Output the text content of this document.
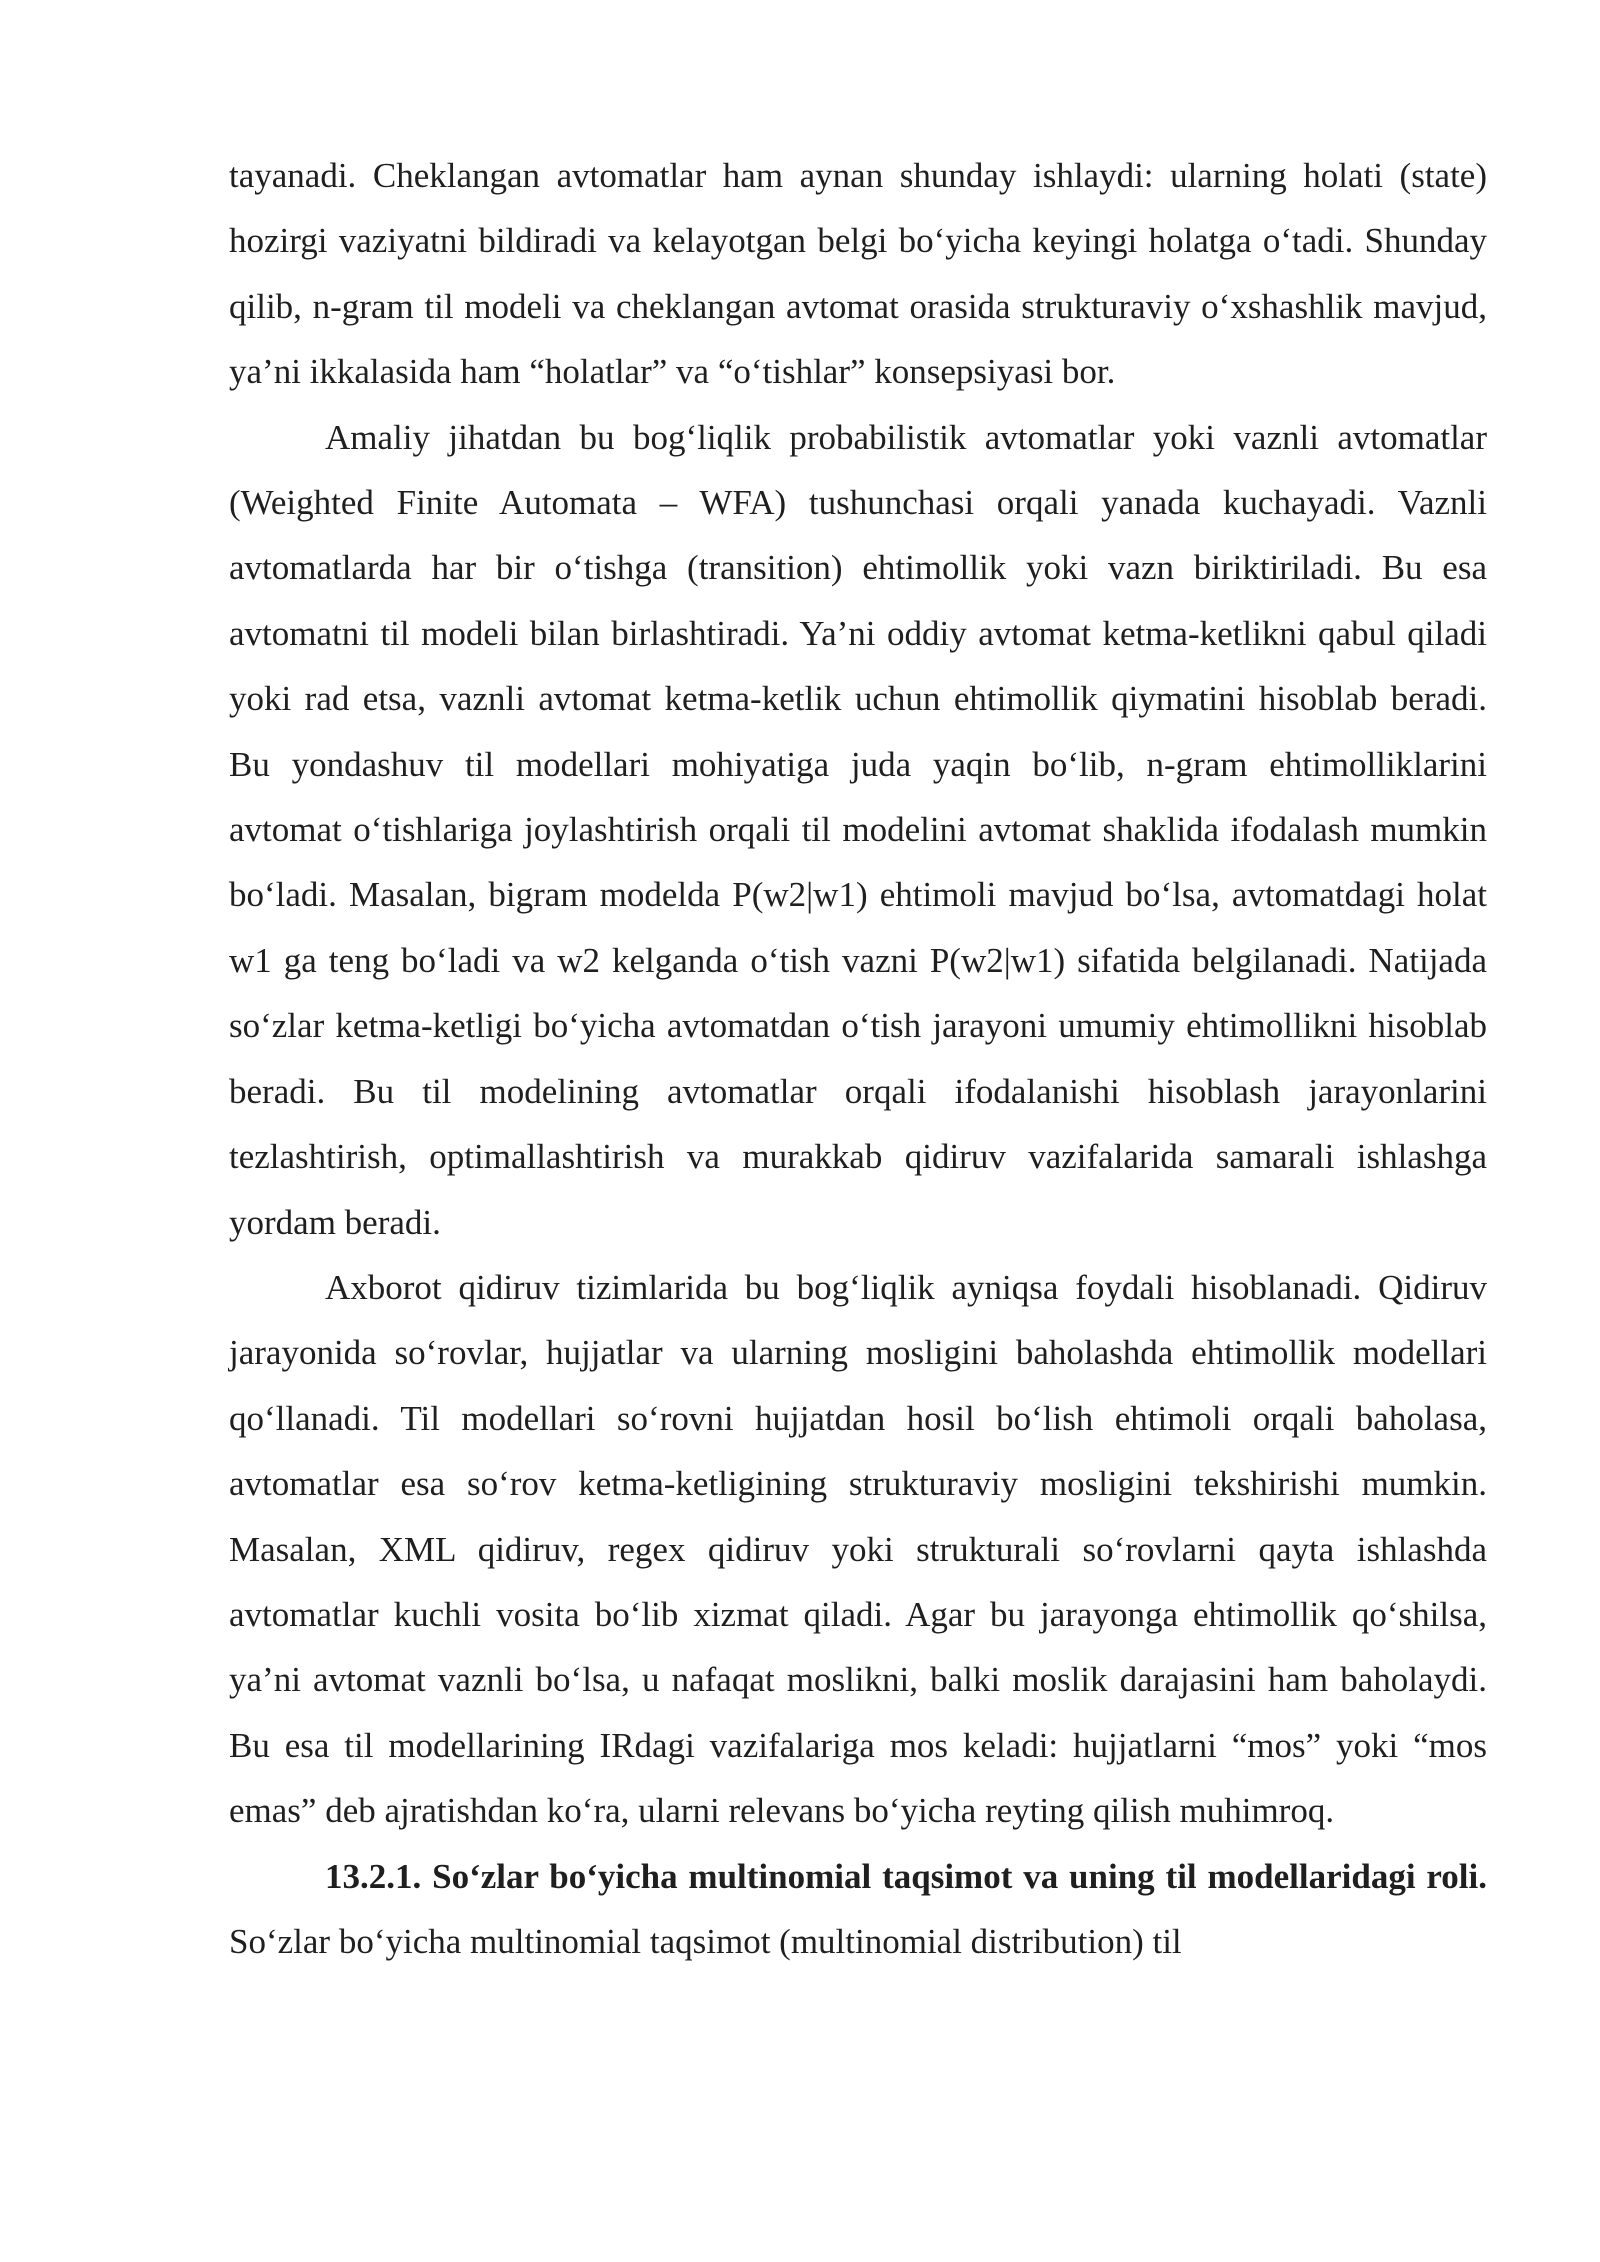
tayanadi. Cheklangan avtomatlar ham aynan shunday ishlaydi: ularning holati (state) hozirgi vaziyatni bildiradi va kelayotgan belgi bo‘yicha keyingi holatga o‘tadi. Shunday qilib, n-gram til modeli va cheklangan avtomat orasida strukturaviy o‘xshashlik mavjud, ya’ni ikkalasida ham “holatlar” va “o‘tishlar” konsepsiyasi bor.

Amaliy jihatdan bu bog‘liqlik probabilistik avtomatlar yoki vaznli avtomatlar (Weighted Finite Automata – WFA) tushunchasi orqali yanada kuchayadi. Vaznli avtomatlarda har bir o‘tishga (transition) ehtimollik yoki vazn biriktiriladi. Bu esa avtomatni til modeli bilan birlashtiradi. Ya’ni oddiy avtomat ketma-ketlikni qabul qiladi yoki rad etsa, vaznli avtomat ketma-ketlik uchun ehtimollik qiymatini hisoblab beradi. Bu yondashuv til modellari mohiyatiga juda yaqin bo‘lib, n-gram ehtimolliklarini avtomat o‘tishlariga joylashtirish orqali til modelini avtomat shaklida ifodalash mumkin bo‘ladi. Masalan, bigram modelda P(w2|w1) ehtimoli mavjud bo‘lsa, avtomatdagi holat w1 ga teng bo‘ladi va w2 kelganda o‘tish vazni P(w2|w1) sifatida belgilanadi. Natijada so‘zlar ketma-ketligi bo‘yicha avtomatdan o‘tish jarayoni umumiy ehtimollikni hisoblab beradi. Bu til modelining avtomatlar orqali ifodalanishi hisoblash jarayonlarini tezlashtirish, optimallashtirish va murakkab qidiruv vazifalarida samarali ishlashga yordam beradi.

Axborot qidiruv tizimlarida bu bog‘liqlik ayniqsa foydali hisoblanadi. Qidiruv jarayonida so‘rovlar, hujjatlar va ularning mosligini baholashda ehtimollik modellari qo‘llanadi. Til modellari so‘rovni hujjatdan hosil bo‘lish ehtimoli orqali baholasa, avtomatlar esa so‘rov ketma-ketligining strukturaviy mosligini tekshirishi mumkin. Masalan, XML qidiruv, regex qidiruv yoki strukturali so‘rovlarni qayta ishlashda avtomatlar kuchli vosita bo‘lib xizmat qiladi. Agar bu jarayonga ehtimollik qo‘shilsa, ya’ni avtomat vaznli bo‘lsa, u nafaqat moslikni, balki moslik darajasini ham baholaydi. Bu esa til modellarining IRdagi vazifalariga mos keladi: hujjatlarni “mos” yoki “mos emas” deb ajratishdan ko‘ra, ularni relevans bo‘yicha reyting qilish muhimroq.

13.2.1. So‘zlar bo‘yicha multinomial taqsimot va uning til modellaridagi roli. So‘zlar bo‘yicha multinomial taqsimot (multinomial distribution) til
